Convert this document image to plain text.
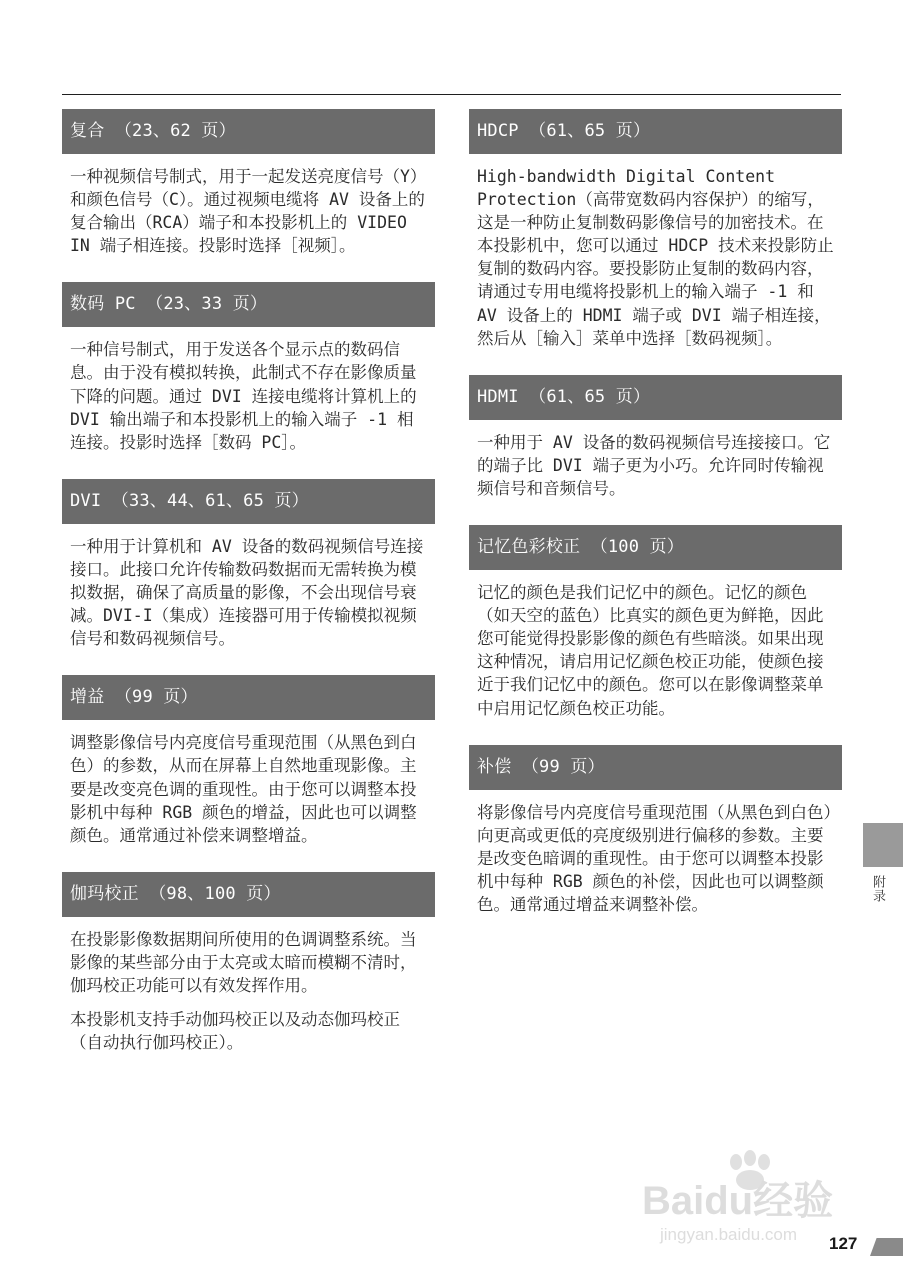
复合 （23、62 页）

一种视频信号制式，用于一起发送亮度信号（Y）和颜色信号（C）。通过视频电缆将 AV 设备上的复合输出（RCA）端子和本投影机上的 VIDEO IN 端子相连接。投影时选择［视频］。

数码 PC （23、33 页）

一种信号制式，用于发送各个显示点的数码信息。由于没有模拟转换，此制式不存在影像质量下降的问题。通过 DVI 连接电缆将计算机上的 DVI 输出端子和本投影机上的输入端子 -1 相连接。投影时选择［数码 PC］。

DVI （33、44、61、65 页）

一种用于计算机和 AV 设备的数码视频信号连接接口。此接口允许传输数码数据而无需转换为模拟数据，确保了高质量的影像，不会出现信号衰减。DVI-I（集成）连接器可用于传输模拟视频信号和数码视频信号。

增益 （99 页）

调整影像信号内亮度信号重现范围（从黑色到白色）的参数，从而在屏幕上自然地重现影像。主要是改变亮色调的重现性。由于您可以调整本投影机中每种 RGB 颜色的增益，因此也可以调整颜色。通常通过补偿来调整增益。

伽玛校正 （98、100 页）

在投影影像数据期间所使用的色调调整系统。当影像的某些部分由于太亮或太暗而模糊不清时，伽玛校正功能可以有效发挥作用。

本投影机支持手动伽玛校正以及动态伽玛校正（自动执行伽玛校正）。

HDCP （61、65 页）

High-bandwidth Digital Content Protection（高带宽数码内容保护）的缩写，这是一种防止复制数码影像信号的加密技术。在本投影机中，您可以通过 HDCP 技术来投影防止复制的数码内容。要投影防止复制的数码内容，请通过专用电缆将投影机上的输入端子 -1 和 AV 设备上的 HDMI 端子或 DVI 端子相连接，然后从［输入］菜单中选择［数码视频］。

HDMI （61、65 页）

一种用于 AV 设备的数码视频信号连接接口。它的端子比 DVI 端子更为小巧。允许同时传输视频信号和音频信号。

记忆色彩校正 （100 页）

记忆的颜色是我们记忆中的颜色。记忆的颜色（如天空的蓝色）比真实的颜色更为鲜艳，因此您可能觉得投影影像的颜色有些暗淡。如果出现这种情况，请启用记忆颜色校正功能，使颜色接近于我们记忆中的颜色。您可以在影像调整菜单中启用记忆颜色校正功能。

补偿 （99 页）

将影像信号内亮度信号重现范围（从黑色到白色）向更高或更低的亮度级别进行偏移的参数。主要是改变色暗调的重现性。由于您可以调整本投影机中每种 RGB 颜色的补偿，因此也可以调整颜色。通常通过增益来调整补偿。

附录
Baidu经验
jingyan.baidu.com 127
